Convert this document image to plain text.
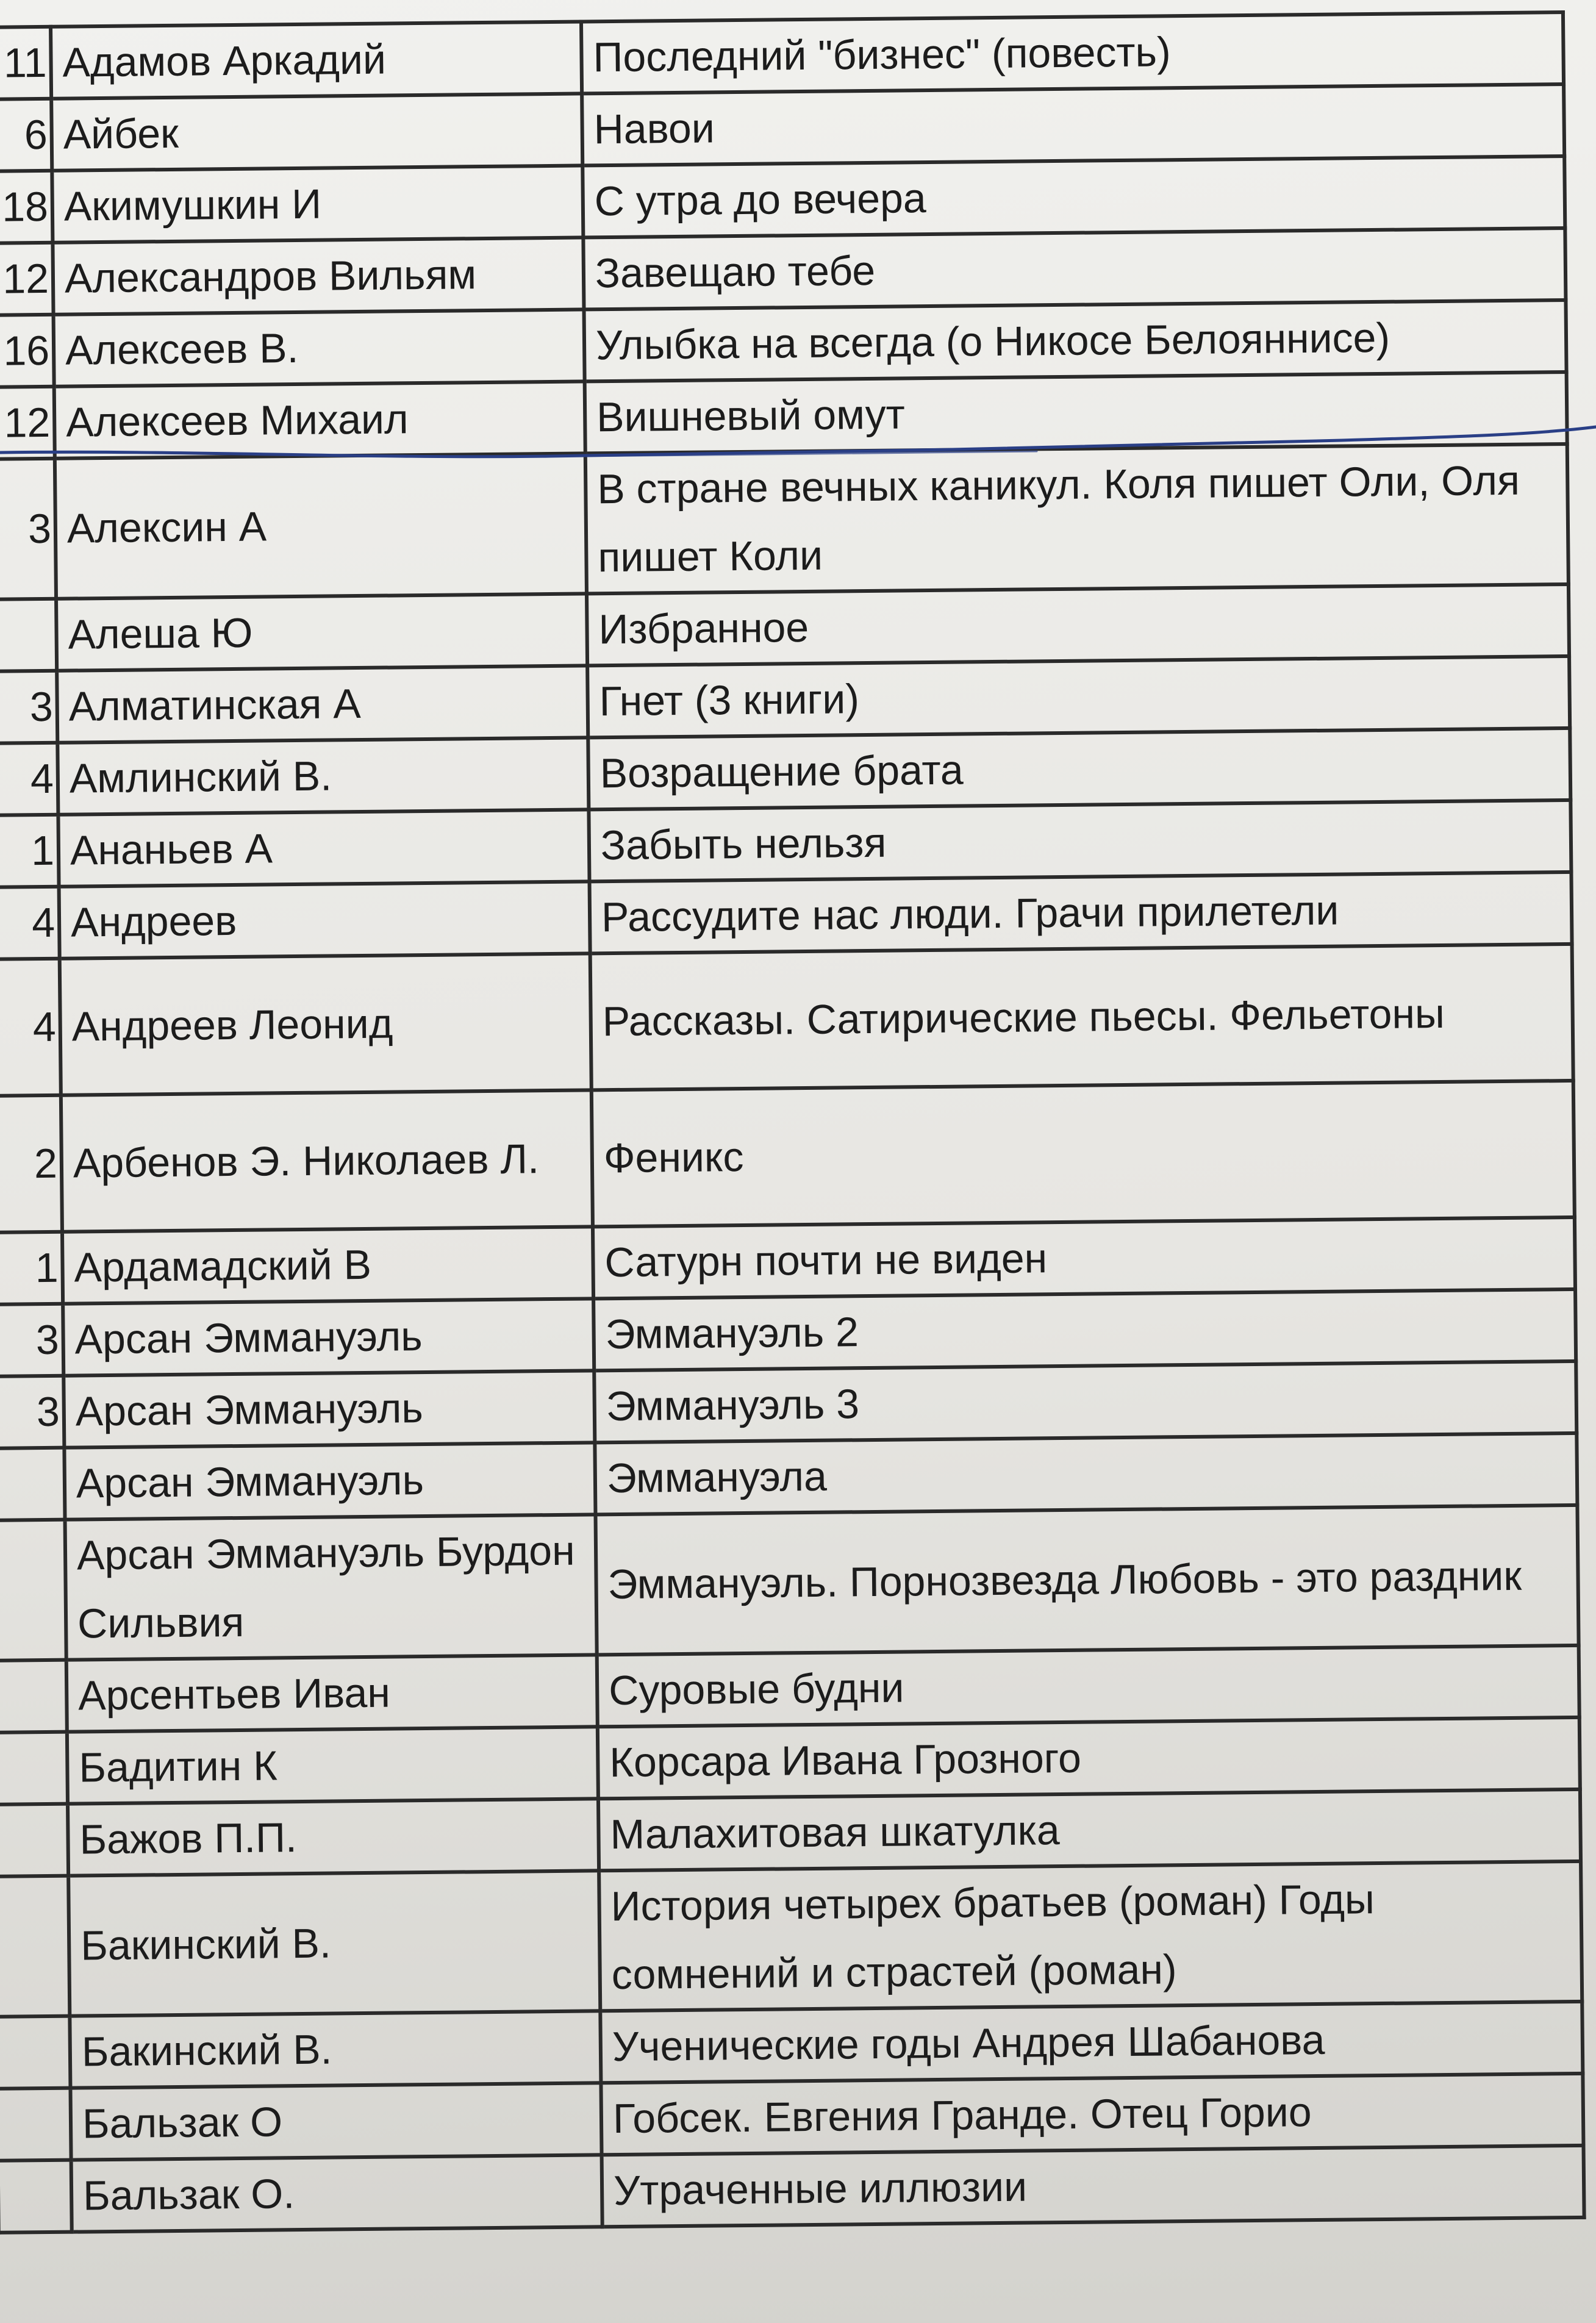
11	Адамов Аркадий	Последний "бизнес" (повесть)
6	Айбек	Навои
18	Акимушкин И	С утра до вечера
12	Александров Вильям	Завещаю тебе
16	Алексеев В.	Улыбка на всегда (о Никосе Белояннисе)
12	Алексеев Михаил	Вишневый омут
3	Алексин А	В стране вечных каникул. Коля пишет Оли, Оля пишет Коли
	Алеша Ю	Избранное
3	Алматинская А	Гнет (3 книги)
4	Амлинский В.	Возращение брата
1	Ананьев А	Забыть нельзя
4	Андреев	Рассудите нас люди. Грачи прилетели
4	Андреев Леонид	Рассказы. Сатирические пьесы. Фельетоны
2	Арбенов Э. Николаев Л.	Феникс
1	Ардамадский В	Сатурн почти не виден
3	Арсан Эммануэль	Эммануэль 2
3	Арсан Эммануэль	Эммануэль 3
	Арсан Эммануэль	Эммануэла
	Арсан Эммануэль Бурдон Сильвия	Эммануэль. Порнозвезда Любовь - это раздник
	Арсентьев Иван	Суровые будни
	Бадитин К	Корсара Ивана Грозного
	Бажов П.П.	Малахитовая шкатулка
	Бакинский В.	История четырех братьев (роман) Годы сомнений и страстей (роман)
	Бакинский В.	Ученические годы Андрея Шабанова
	Бальзак О	Гобсек. Евгения Гранде. Отец Горио
	Бальзак О.	Утраченные иллюзии
